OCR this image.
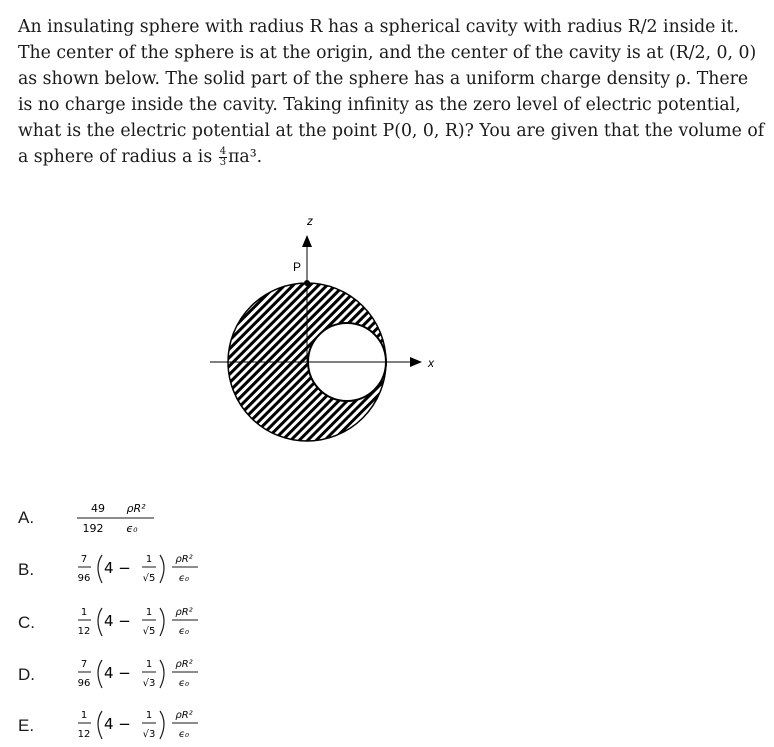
An insulating sphere with radius R has a spherical cavity with radius R/2 inside it.
The center of the sphere is at the origin, and the center of the cavity is at (R/2, 0, 0)
as shown below. The solid part of the sphere has a uniform charge density ρ. There
is no charge inside the cavity. Taking infinity as the zero level of electric potential,
what is the electric potential at the point P(0, 0, R)? You are given that the volume of
a sphere of radius a is $\frac{4}{3} \pi a^3$.
z
x
P
A.	49 ρR²
192 ϵ₀
B.
7
96
4 − 1
√5
ρR²
ϵ₀
C.
1
12
4 − 1
√5
ρR²
ϵ₀
D.
7
96
4 − 1
√3
ρR²
ϵ₀
E.
1
12
4 − 1
√3
ρR²
ϵ₀
